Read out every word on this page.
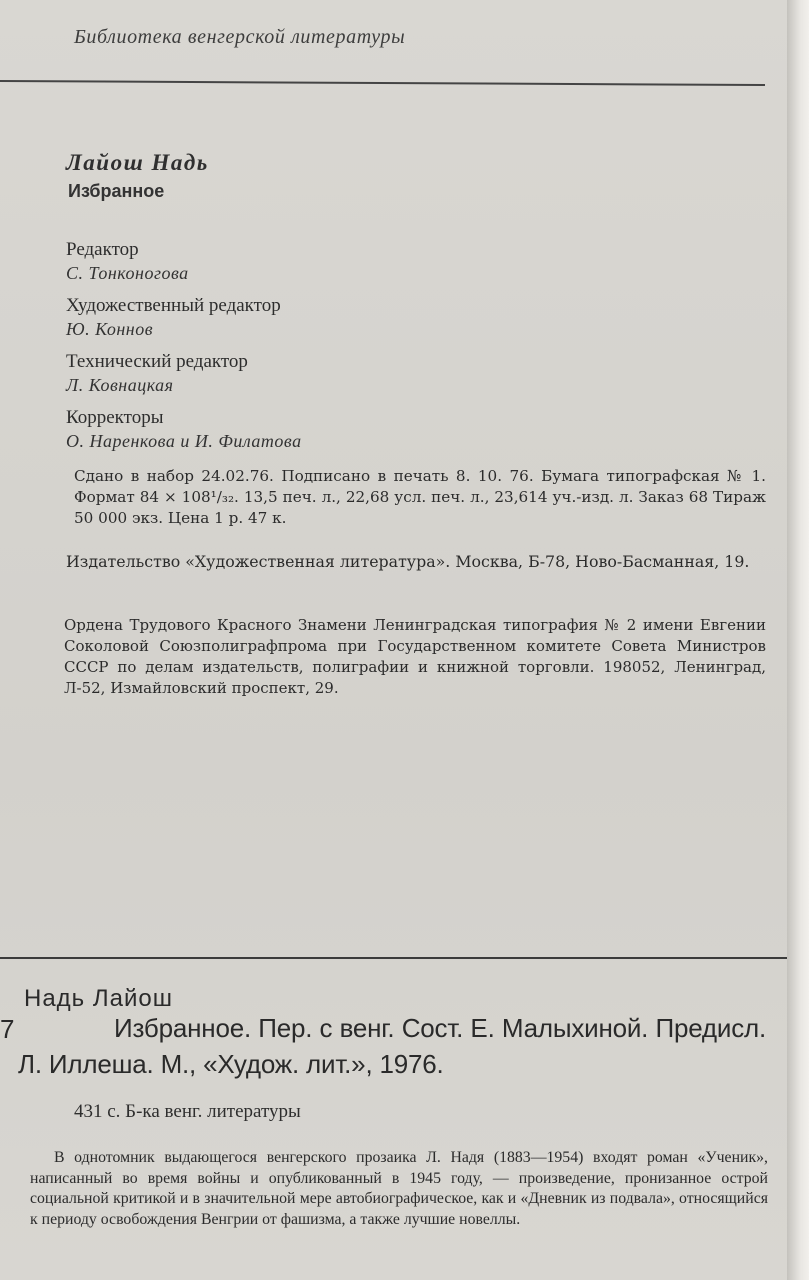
Библиотека венгерской литературы
Лайош Надь
Избранное
Редактор
С. Тонконогова
Художественный редактор
Ю. Коннов
Технический редактор
Л. Ковнацкая
Корректоры
О. Наренкова и И. Филатова
Сдано в набор 24.02.76. Подписано в печать 8. 10. 76. Бумага типографская № 1. Формат 84 × 108¹/₃₂. 13,5 печ. л., 22,68 усл. печ. л., 23,614 уч.-изд. л. Заказ 68 Тираж 50 000 экз. Цена 1 р. 47 к.
Издательство «Художественная литература». Москва, Б-78, Ново-Басманная, 19.
Ордена Трудового Красного Знамени Ленинградская типография № 2 имени Евгении Соколовой Союзполиграфпрома при Государственном комитете Совета Министров СССР по делам издательств, полиграфии и книжной торговли. 198052, Ленинград, Л-52, Измайловский проспект, 29.
Надь Лайош
7	Избранное. Пер. с венг. Сост. Е. Малыхиной. Предисл. Л. Иллеша. М., «Худож. лит.», 1976.
431 с. Б-ка венг. литературы
В однотомник выдающегося венгерского прозаика Л. Надя (1883—1954) входят роман «Ученик», написанный во время войны и опубликованный в 1945 году, — произведение, пронизанное острой социальной критикой и в значительной мере автобиографическое, как и «Дневник из подвала», относящийся к периоду освобождения Венгрии от фашизма, а также лучшие новеллы.
